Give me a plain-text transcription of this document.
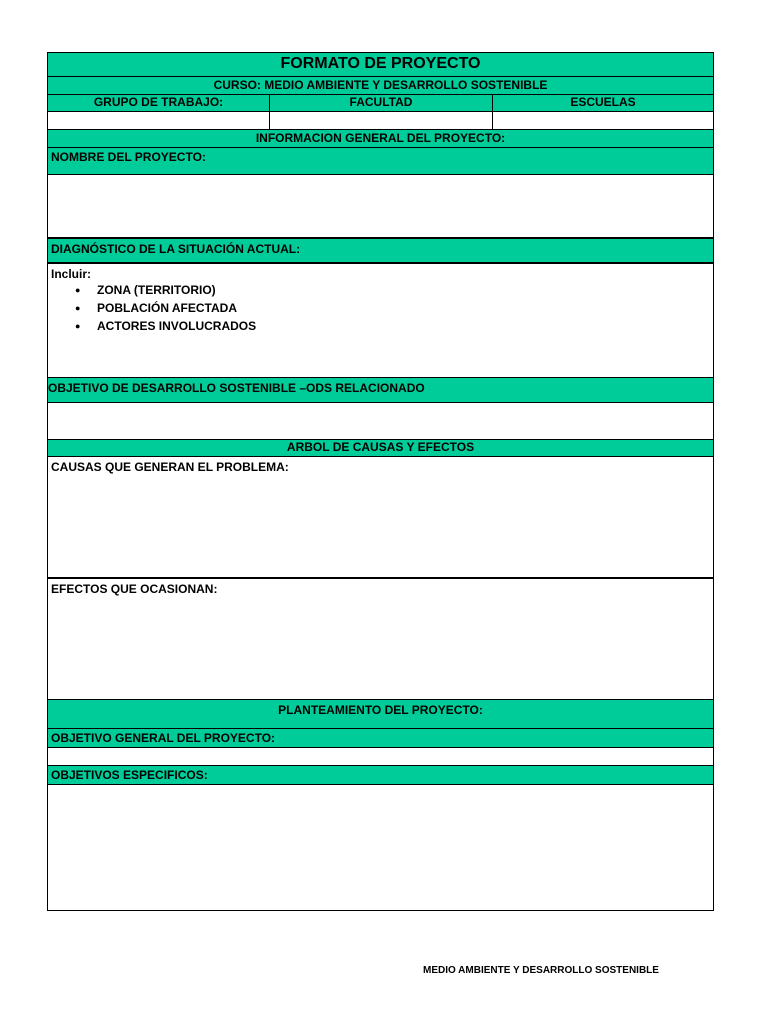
FORMATO DE PROYECTO
CURSO: MEDIO AMBIENTE Y DESARROLLO SOSTENIBLE
GRUPO DE TRABAJO:	FACULTAD	ESCUELAS
INFORMACION GENERAL DEL PROYECTO:
NOMBRE DEL PROYECTO:
DIAGNÓSTICO DE LA SITUACIÓN ACTUAL:
Incluir:
● ZONA (TERRITORIO)
● POBLACIÓN AFECTADA
● ACTORES INVOLUCRADOS
OBJETIVO DE DESARROLLO SOSTENIBLE –ODS RELACIONADO
ARBOL DE CAUSAS Y EFECTOS
CAUSAS QUE GENERAN EL PROBLEMA:
EFECTOS QUE OCASIONAN:
PLANTEAMIENTO DEL PROYECTO:
OBJETIVO GENERAL DEL PROYECTO:
OBJETIVOS ESPECIFICOS:
MEDIO AMBIENTE Y DESARROLLO SOSTENIBLE
